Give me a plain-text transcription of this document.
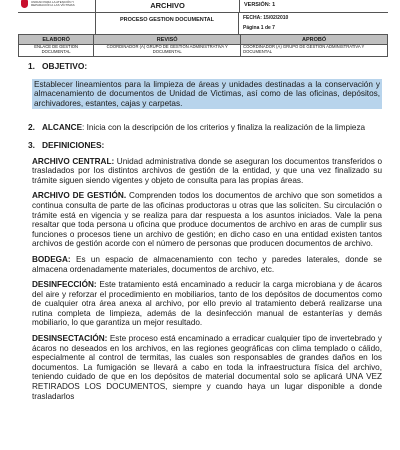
UNIDAD PARA LA ATENCIÓN Y REPARACIÓN A LAS VÍCTIMAS	ARCHIVO	VERSIÓN: 1
PROCESO GESTION DOCUMENTAL	FECHA: 15/02/2010
Página 1 de 7
ELABORÓ	REVISÓ	APROBÓ
ENLACE DE GESTION DOCUMENTAL	COORDINADOR (A) GRUPO DE GESTIÓN ADMINISTRATIVA Y DOCUMENTAL	COORDINADOR (A) GRUPO DE GESTIÓN ADMINISTRATIVA Y DOCUMENTAL
1. OBJETIVO:
Establecer lineamientos para la limpieza de áreas y unidades destinadas a la conservación y almacenamiento de documentos de Unidad de Victimas, así como de las oficinas, depósitos, archivadores, estantes, cajas y carpetas.
2. ALCANCE: Inicia con la descripción de los criterios y finaliza la realización de la limpieza
3. DEFINICIONES:
ARCHIVO CENTRAL: Unidad administrativa donde se aseguran los documentos transferidos o trasladados por los distintos archivos de gestión de la entidad, y que una vez finalizado su trámite siguen siendo vigentes y objeto de consulta para las propias áreas.
ARCHIVO DE GESTIÓN. Comprenden todos los documentos de archivo que son sometidos a continua consulta de parte de las oficinas productoras u otras que las soliciten. Su circulación o trámite está en vigencia y se realiza para dar respuesta a los asuntos iniciados. Vale la pena resaltar que toda persona u oficina que produce documentos de archivo en aras de cumplir sus funciones o procesos tiene un archivo de gestión; en dicho caso en una entidad existen tantos archivos de gestión acorde con el número de personas que producen documentos de archivo.
BODEGA: Es un espacio de almacenamiento con techo y paredes laterales, donde se almacena ordenadamente materiales, documentos de archivo, etc.
DESINFECCIÓN: Este tratamiento está encaminado a reducir la carga microbiana y de ácaros del aire y reforzar el procedimiento en mobiliarios, tanto de los depósitos de documentos como de cualquier otra área anexa al archivo, por ello previo al tratamiento deberá realizarse una rutina completa de limpieza, además de la desinfección manual de estanterías y demás mobiliario, lo que garantiza un mejor resultado.
DESINSECTACIÓN: Este proceso está encaminado a erradicar cualquier tipo de invertebrado y ácaros no deseados en los archivos, en las regiones geográficas con clima templado o cálido, especialmente al control de termitas, las cuales son responsables de grandes daños en los documentos. La fumigación se llevará a cabo en toda la infraestructura física del archivo, teniendo cuidado de que en los depósitos de material documental solo se aplicará UNA VEZ RETIRADOS LOS DOCUMENTOS, siempre y cuando haya un lugar disponible a donde trasladarlos
